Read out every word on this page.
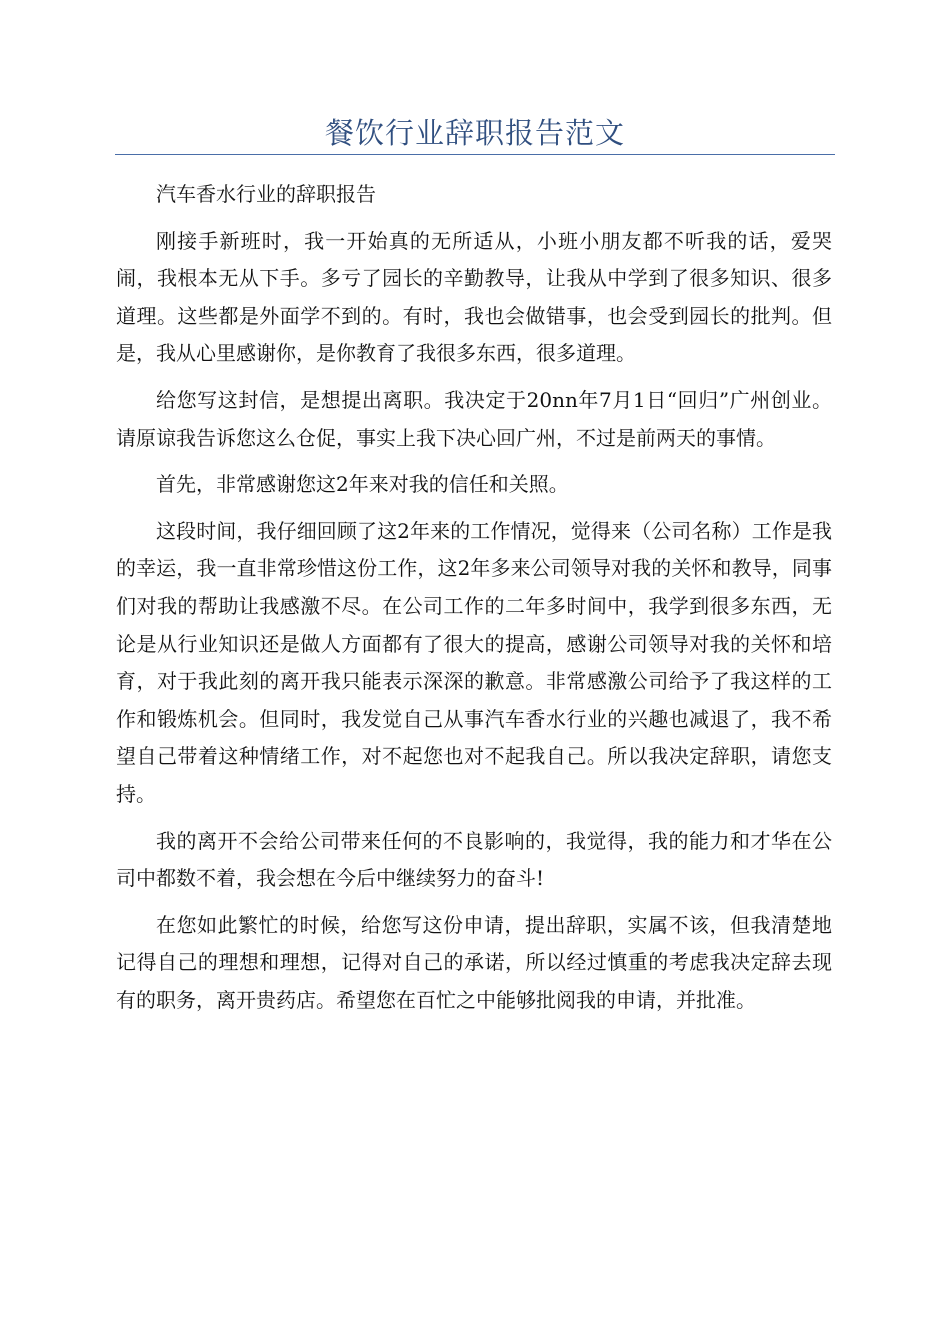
餐饮行业辞职报告范文

汽车香水行业的辞职报告

刚接手新班时，我一开始真的无所适从，小班小朋友都不听我的话，爱哭闹，我根本无从下手。多亏了园长的辛勤教导，让我从中学到了很多知识、很多道理。这些都是外面学不到的。有时，我也会做错事，也会受到园长的批判。但是，我从心里感谢你，是你教育了我很多东西，很多道理。

给您写这封信，是想提出离职。我决定于20nn年7月1日“回归”广州创业。请原谅我告诉您这么仓促，事实上我下决心回广州，不过是前两天的事情。

首先，非常感谢您这2年来对我的信任和关照。

这段时间，我仔细回顾了这2年来的工作情况，觉得来（公司名称）工作是我的幸运，我一直非常珍惜这份工作，这2年多来公司领导对我的关怀和教导，同事们对我的帮助让我感激不尽。在公司工作的二年多时间中，我学到很多东西，无论是从行业知识还是做人方面都有了很大的提高，感谢公司领导对我的关怀和培育，对于我此刻的离开我只能表示深深的歉意。非常感激公司给予了我这样的工作和锻炼机会。但同时，我发觉自己从事汽车香水行业的兴趣也减退了，我不希望自己带着这种情绪工作，对不起您也对不起我自己。所以我决定辞职，请您支持。

我的离开不会给公司带来任何的不良影响的，我觉得，我的能力和才华在公司中都数不着，我会想在今后中继续努力的奋斗!

在您如此繁忙的时候，给您写这份申请，提出辞职，实属不该，但我清楚地记得自己的理想和理想，记得对自己的承诺，所以经过慎重的考虑我决定辞去现有的职务，离开贵药店。希望您在百忙之中能够批阅我的申请，并批准。
